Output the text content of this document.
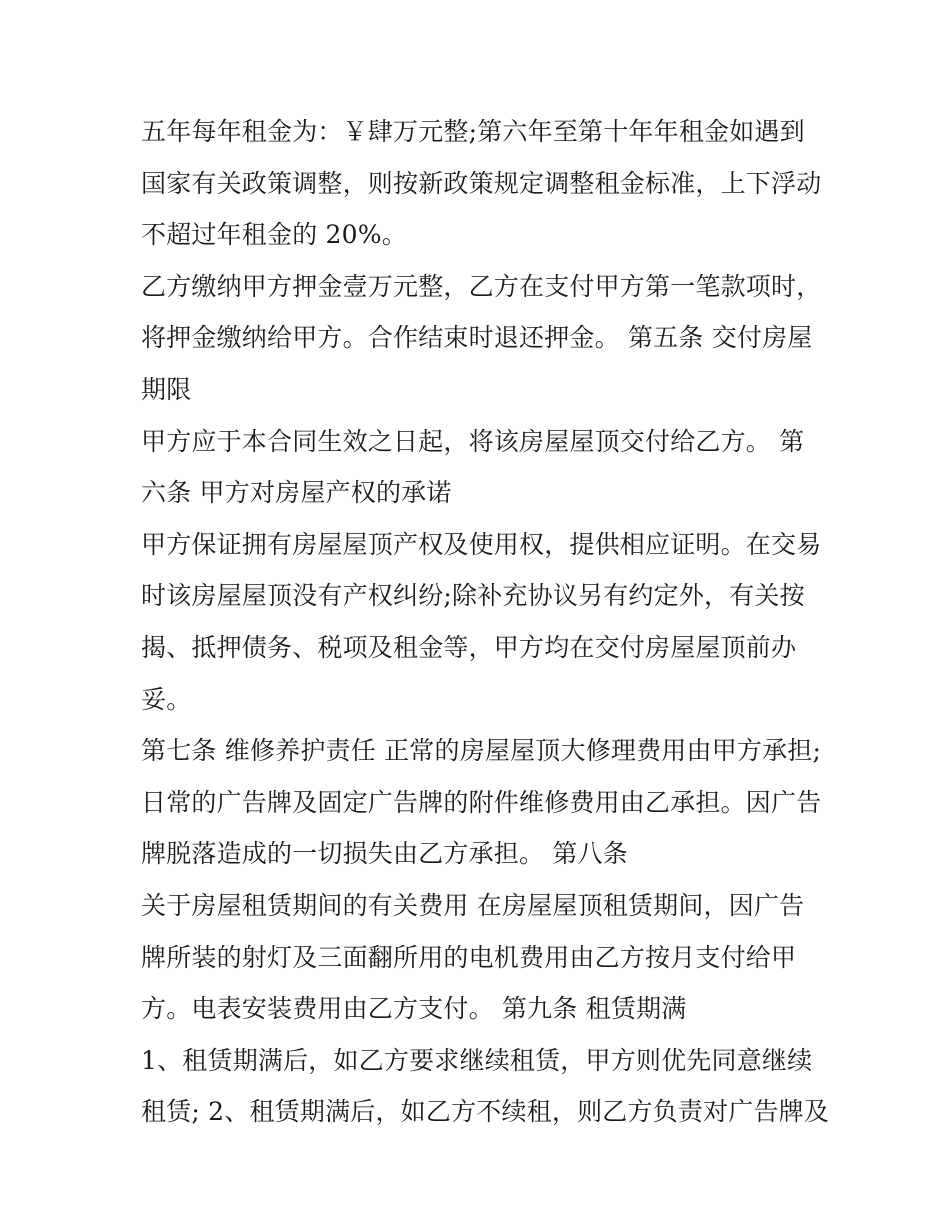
五年每年租金为：￥肆万元整;第六年至第十年年租金如遇到
国家有关政策调整，则按新政策规定调整租金标准，上下浮动
不超过年租金的 20%。
乙方缴纳甲方押金壹万元整，乙方在支付甲方第一笔款项时，
将押金缴纳给甲方。合作结束时退还押金。 第五条 交付房屋
期限
甲方应于本合同生效之日起，将该房屋屋顶交付给乙方。 第
六条 甲方对房屋产权的承诺
甲方保证拥有房屋屋顶产权及使用权，提供相应证明。在交易
时该房屋屋顶没有产权纠纷;除补充协议另有约定外，有关按
揭、抵押债务、税项及租金等，甲方均在交付房屋屋顶前办
妥。
第七条 维修养护责任 正常的房屋屋顶大修理费用由甲方承担;
日常的广告牌及固定广告牌的附件维修费用由乙承担。因广告
牌脱落造成的一切损失由乙方承担。 第八条
关于房屋租赁期间的有关费用 在房屋屋顶租赁期间，因广告
牌所装的射灯及三面翻所用的电机费用由乙方按月支付给甲
方。电表安装费用由乙方支付。 第九条 租赁期满
1、租赁期满后，如乙方要求继续租赁，甲方则优先同意继续
租赁; 2、租赁期满后，如乙方不续租，则乙方负责对广告牌及
